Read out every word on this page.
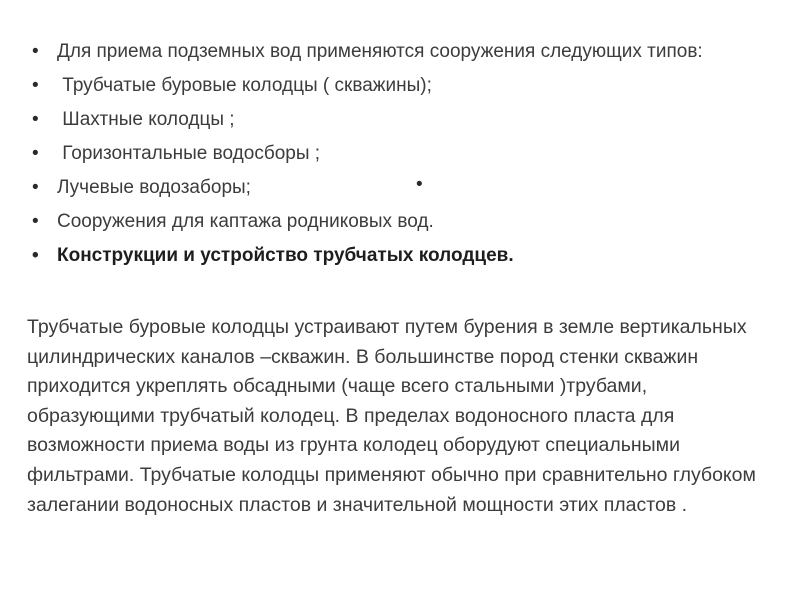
• Для приема подземных вод применяются сооружения следующих типов:
• Трубчатые буровые колодцы ( скважины);
• Шахтные колодцы ;
• Горизонтальные водосборы ;
• Лучевые водозаборы;
• Сооружения для каптажа родниковых вод.
• Конструкции и устройство трубчатых колодцев.
•

Трубчатые буровые колодцы устраивают путем бурения в земле вертикальных цилиндрических каналов –скважин. В большинстве пород стенки скважин приходится укреплять обсадными (чаще всего стальными )трубами, образующими трубчатый колодец. В пределах водоносного пласта для возможности приема воды из грунта колодец оборудуют специальными фильтрами. Трубчатые колодцы применяют обычно при сравнительно глубоком залегании водоносных пластов и значительной мощности этих пластов .
